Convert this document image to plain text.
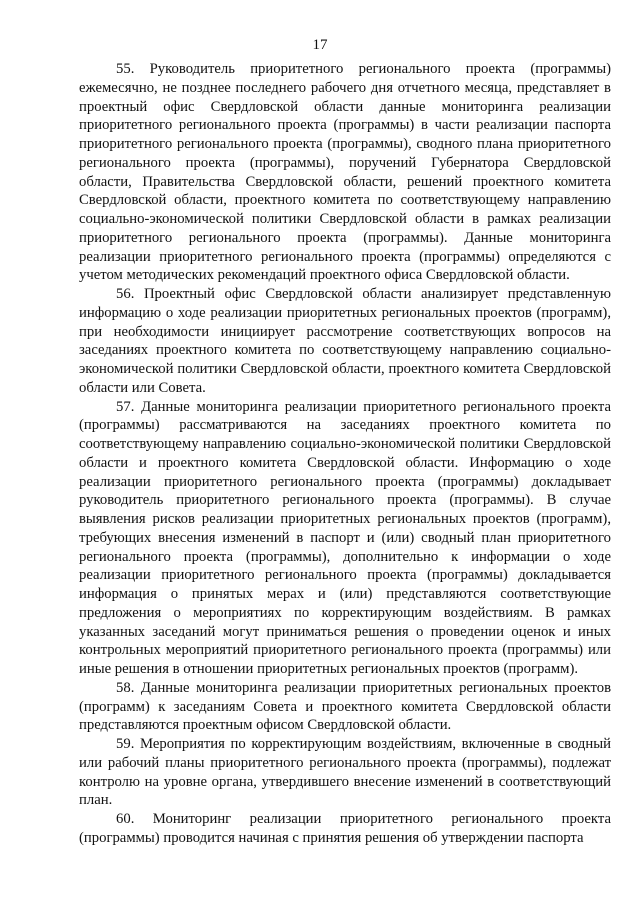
17

55. Руководитель приоритетного регионального проекта (программы) ежемесячно, не позднее последнего рабочего дня отчетного месяца, представляет в проектный офис Свердловской области данные мониторинга реализации приоритетного регионального проекта (программы) в части реализации паспорта приоритетного регионального проекта (программы), сводного плана приоритетного регионального проекта (программы), поручений Губернатора Свердловской области, Правительства Свердловской области, решений проектного комитета Свердловской области, проектного комитета по соответствующему направлению социально-экономической политики Свердловской области в рамках реализации приоритетного регионального проекта (программы). Данные мониторинга реализации приоритетного регионального проекта (программы) определяются с учетом методических рекомендаций проектного офиса Свердловской области.

56. Проектный офис Свердловской области анализирует представленную информацию о ходе реализации приоритетных региональных проектов (программ), при необходимости инициирует рассмотрение соответствующих вопросов на заседаниях проектного комитета по соответствующему направлению социально-экономической политики Свердловской области, проектного комитета Свердловской области или Совета.

57. Данные мониторинга реализации приоритетного регионального проекта (программы) рассматриваются на заседаниях проектного комитета по соответствующему направлению социально-экономической политики Свердловской области и проектного комитета Свердловской области. Информацию о ходе реализации приоритетного регионального проекта (программы) докладывает руководитель приоритетного регионального проекта (программы). В случае выявления рисков реализации приоритетных региональных проектов (программ), требующих внесения изменений в паспорт и (или) сводный план приоритетного регионального проекта (программы), дополнительно к информации о ходе реализации приоритетного регионального проекта (программы) докладывается информация о принятых мерах и (или) представляются соответствующие предложения о мероприятиях по корректирующим воздействиям. В рамках указанных заседаний могут приниматься решения о проведении оценок и иных контрольных мероприятий приоритетного регионального проекта (программы) или иные решения в отношении приоритетных региональных проектов (программ).

58. Данные мониторинга реализации приоритетных региональных проектов (программ) к заседаниям Совета и проектного комитета Свердловской области представляются проектным офисом Свердловской области.

59. Мероприятия по корректирующим воздействиям, включенные в сводный или рабочий планы приоритетного регионального проекта (программы), подлежат контролю на уровне органа, утвердившего внесение изменений в соответствующий план.

60. Мониторинг реализации приоритетного регионального проекта (программы) проводится начиная с принятия решения об утверждении паспорта
